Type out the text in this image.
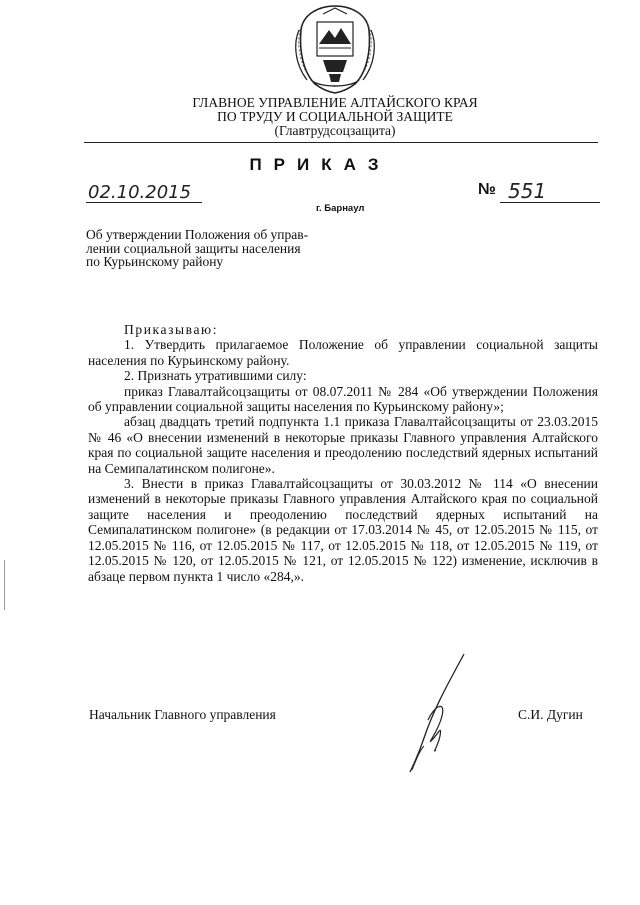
ГЛАВНОЕ УПРАВЛЕНИЕ АЛТАЙСКОГО КРАЯ
ПО ТРУДУ И СОЦИАЛЬНОЙ ЗАЩИТЕ
(Главтрудсоцзащита)
ПРИКАЗ
02.10.2015
г. Барнаул
№ 551
Об утверждении Положения об управ-
лении социальной защиты населения
по Курьинскому району

Приказываю:

1. Утвердить прилагаемое Положение об управлении социальной защиты населения по Курьинскому району.

2. Признать утратившими силу:

приказ Главалтайсоцзащиты от 08.07.2011 № 284 «Об утверждении Положения об управлении социальной защиты населения по Курьинскому району»;

абзац двадцать третий подпункта 1.1 приказа Главалтайсоцзащиты от 23.03.2015 № 46 «О внесении изменений в некоторые приказы Главного управления Алтайского края по социальной защите населения и преодолению последствий ядерных испытаний на Семипалатинском полигоне».

3. Внести в приказ Главалтайсоцзащиты от 30.03.2012 № 114 «О внесении изменений в некоторые приказы Главного управления Алтайского края по социальной защите населения и преодолению последствий ядерных испытаний на Семипалатинском полигоне» (в редакции от 17.03.2014 № 45, от 12.05.2015 № 115, от 12.05.2015 № 116, от 12.05.2015 № 117, от 12.05.2015 № 118, от 12.05.2015 № 119, от 12.05.2015 № 120, от 12.05.2015 № 121, от 12.05.2015 № 122) изменение, исключив в абзаце первом пункта 1 число «284,».

Начальник Главного управления	С.И. Дугин
